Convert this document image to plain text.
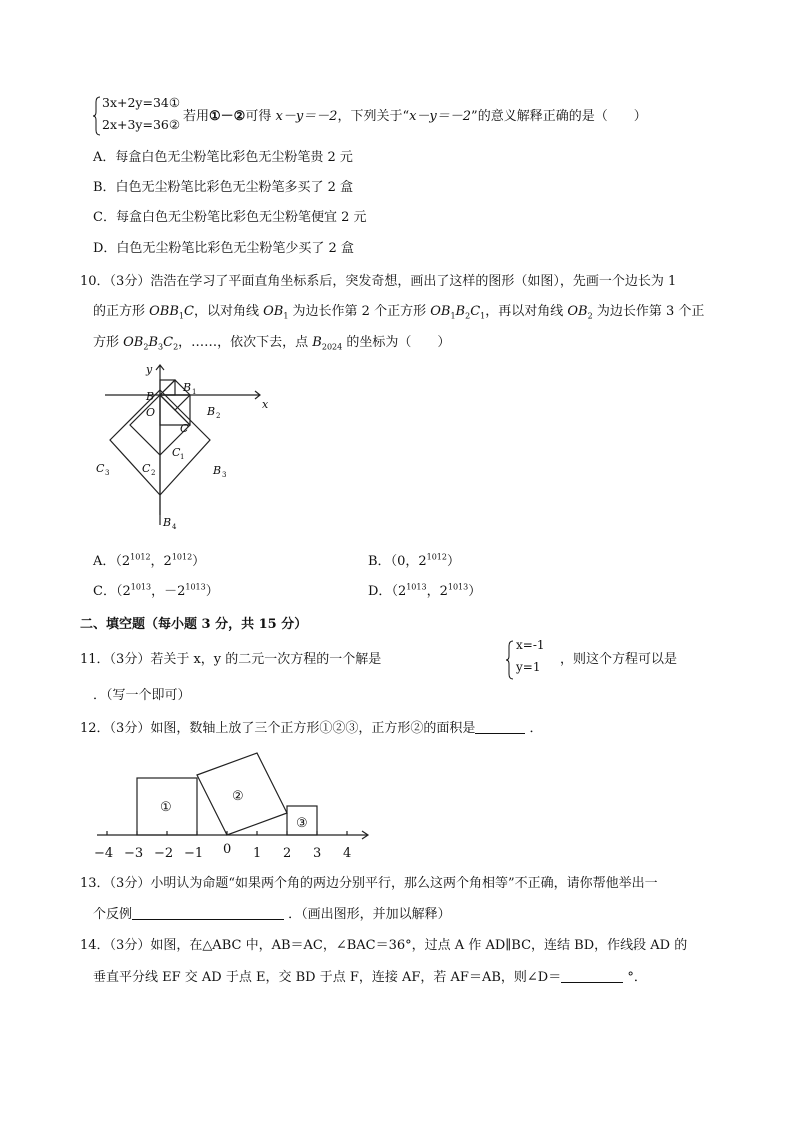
3x+2y=34①
2x+3y=36②
若用①－②可得 x－y＝－2，下列关于“x－y＝－2”的意义解释正确的是（　　）
A．每盒白色无尘粉笔比彩色无尘粉笔贵 2 元
B．白色无尘粉笔比彩色无尘粉笔多买了 2 盒
C．每盒白色无尘粉笔比彩色无尘粉笔便宜 2 元
D．白色无尘粉笔比彩色无尘粉笔少买了 2 盒
10．（3分）浩浩在学习了平面直角坐标系后，突发奇想，画出了这样的图形（如图），先画一个边长为 1
的正方形 $OBB_1C$，以对角线 $OB_1$ 为边长作第 2 个正方形 $OB_1B_2C_1$，再以对角线 $OB_2$ 为边长作第 3 个正
方形 $OB_2B_3C_2$，……，依次下去，点 $B_{2024}$ 的坐标为（　　）
y
x
O
B
C
C 1
C 2
C 3
B 1
B 2
B 3
B 4
A．（$2^{1012}$，$2^{1012}$）	B．（0，$2^{1012}$）
C．（$2^{1013}$，$-2^{1013}$）	D．（$2^{1013}$，$2^{1013}$）
二、填空题（每小题 3 分，共 15 分）
11．（3分）若关于 x，y 的二元一次方程的一个解是
x=-1
y=1 ，则这个方程可以是
．（写一个即可）
12．（3分）如图，数轴上放了三个正方形①②③，正方形②的面积是	．
①
②
③
−4 −3 −2 −1 0 1 2 3 4
13．（3分）小明认为命题“如果两个角的两边分别平行，那么这两个角相等”不正确，请你帮他举出一
个反例	．（画出图形，并加以解释）
14．（3分）如图，在△ABC 中，AB＝AC，∠BAC＝36°，过点 A 作 AD∥BC，连结 BD，作线段 AD 的
垂直平分线 EF 交 AD 于点 E，交 BD 于点 F，连接 AF，若 AF＝AB，则∠D＝	°．
